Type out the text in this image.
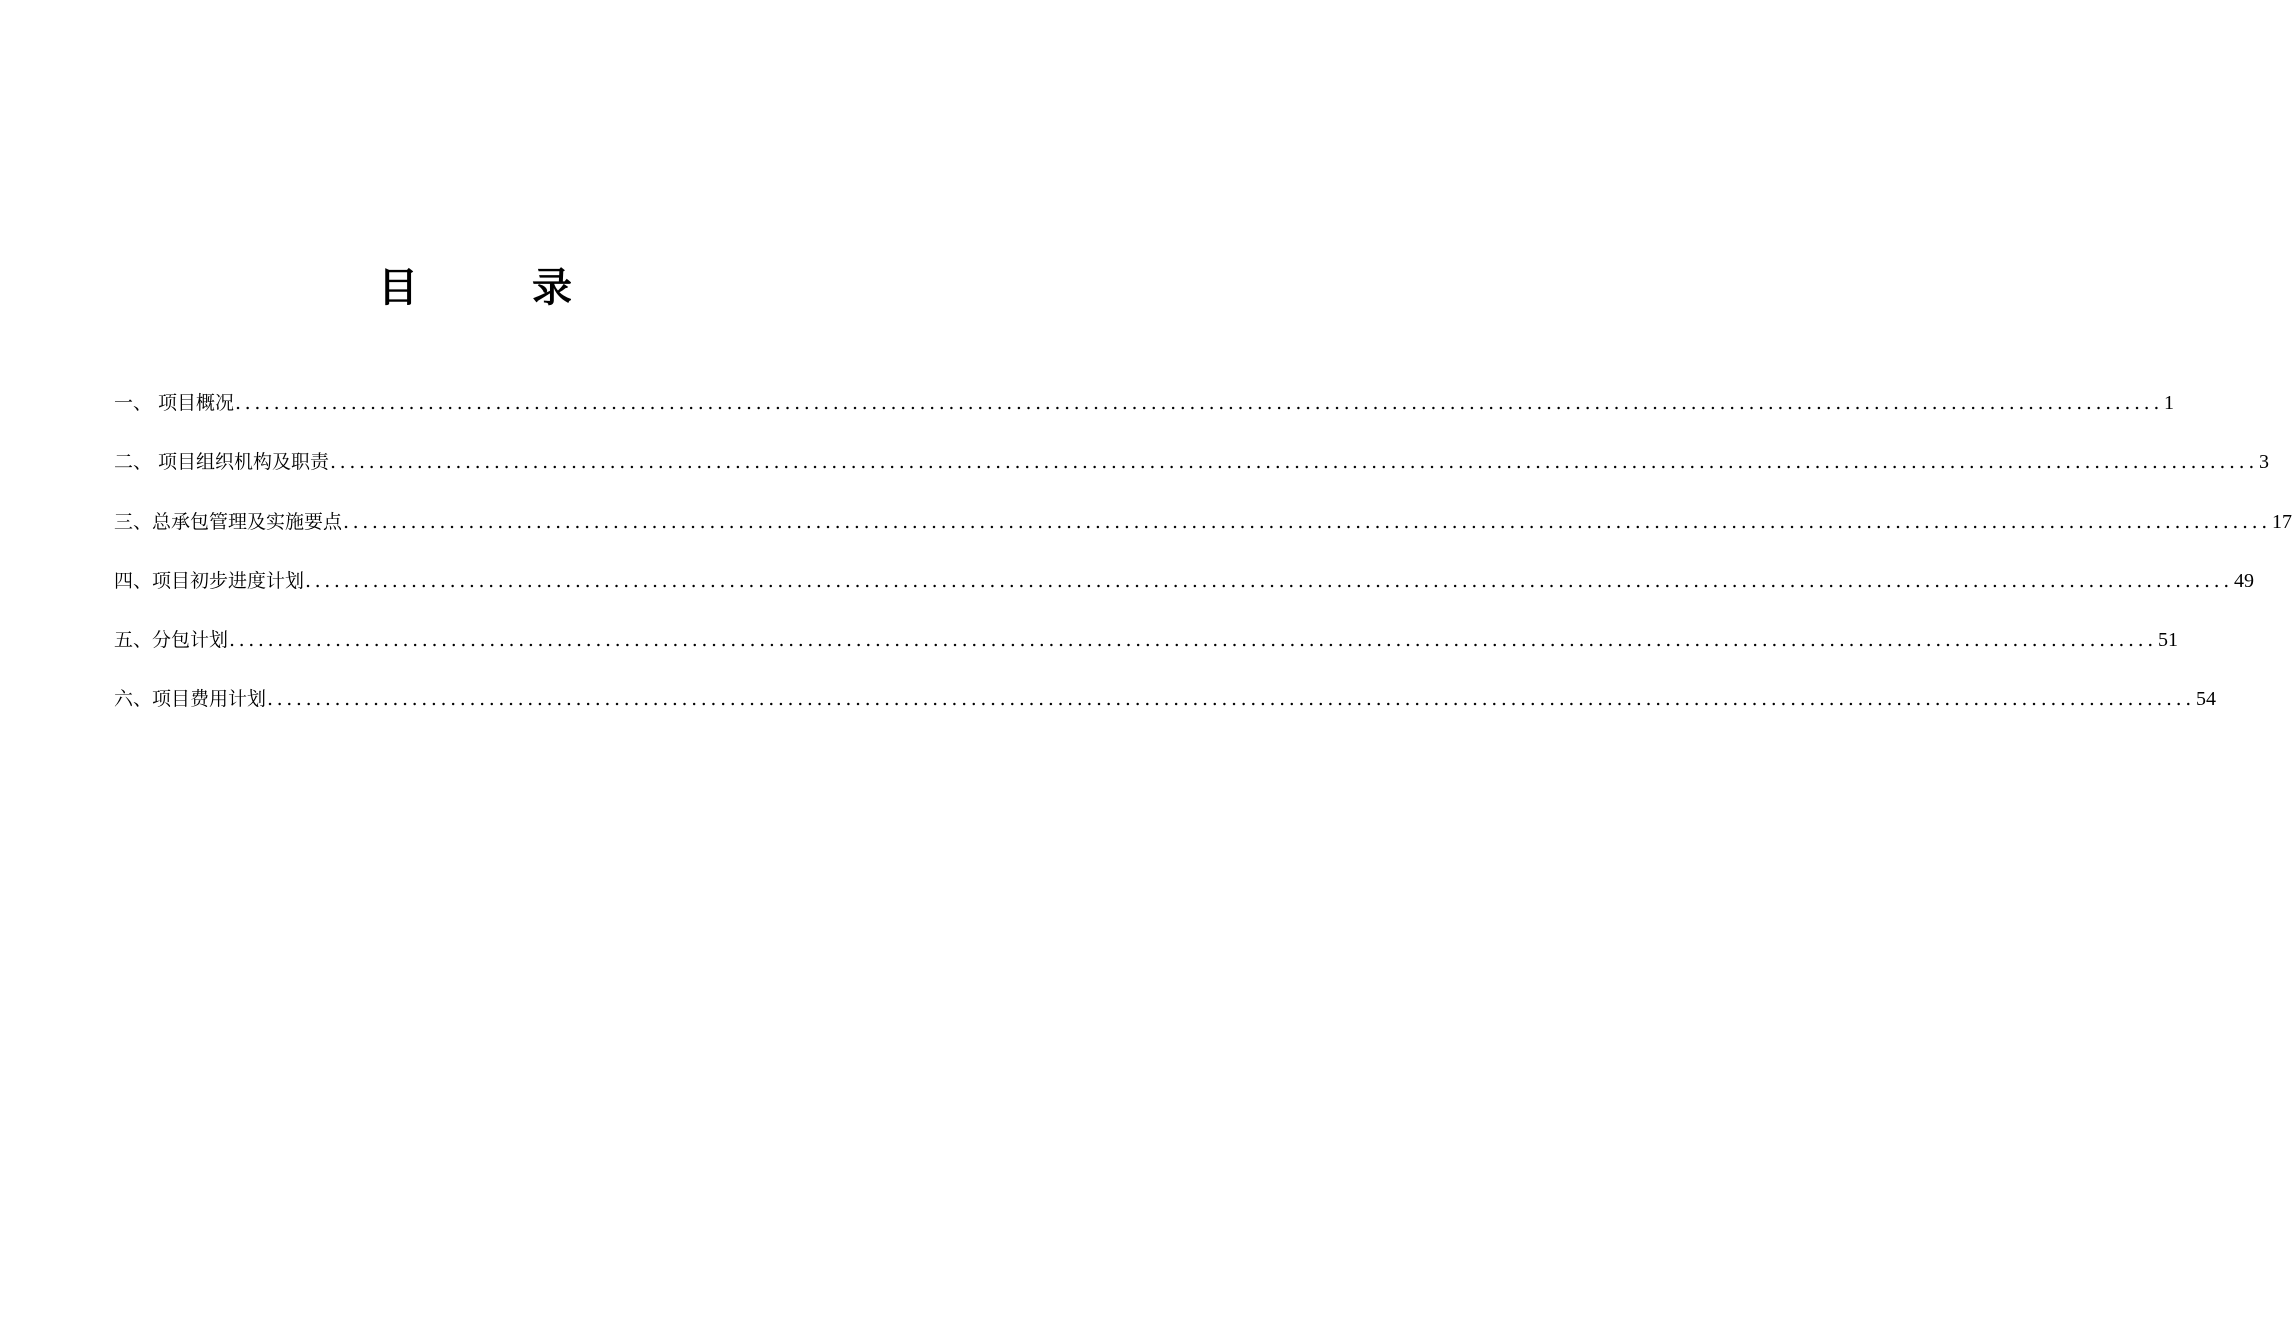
目 录
一、 项目概况 ........................................................................................................................................................................................................ 1
二、 项目组织机构及职责 ........................................................................................................................................................................................................ 3
三、总承包管理及实施要点 ........................................................................................................................................................................................................ 17
四、项目初步进度计划 ........................................................................................................................................................................................................ 49
五、分包计划 ........................................................................................................................................................................................................ 51
六、项目费用计划 ........................................................................................................................................................................................................ 54
